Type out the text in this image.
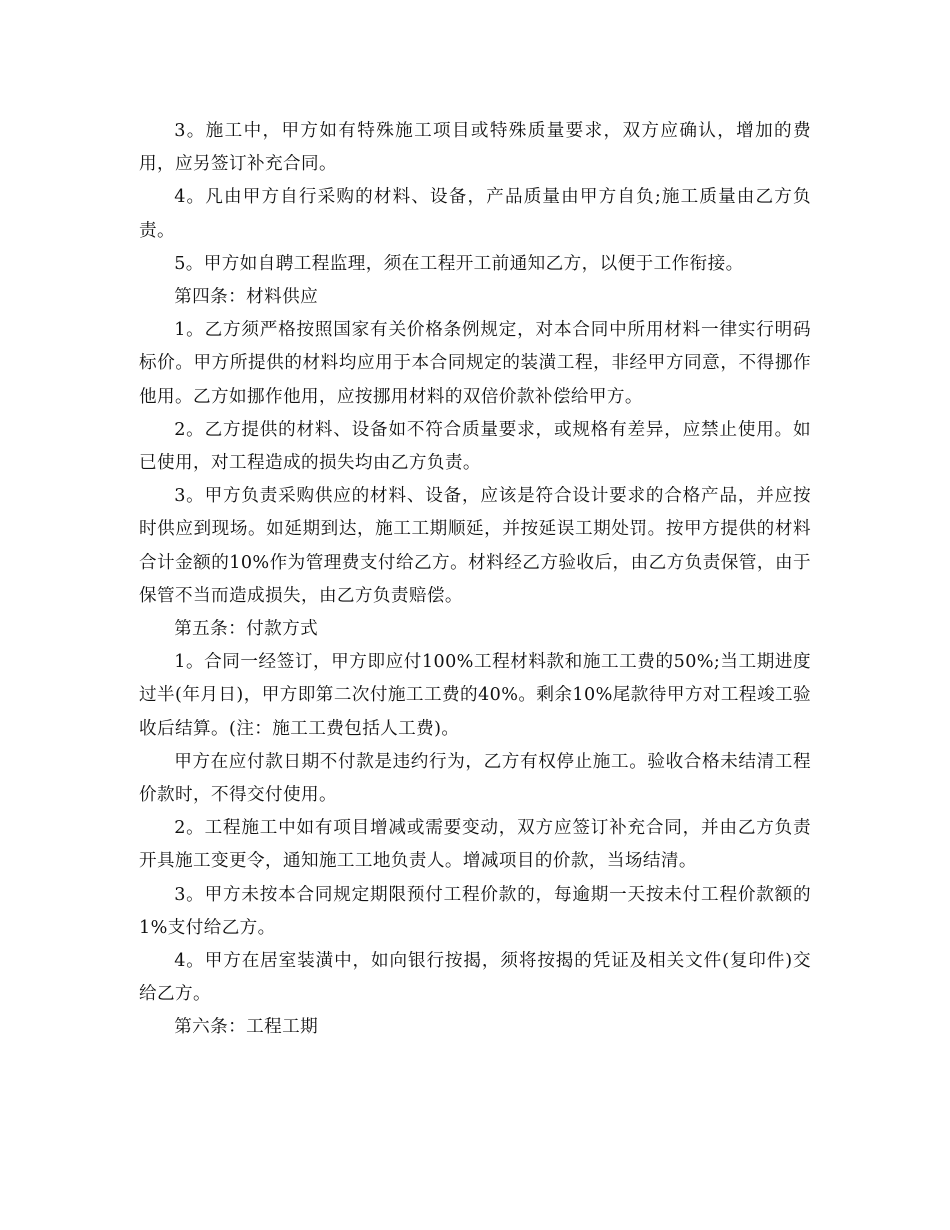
3。施工中，甲方如有特殊施工项目或特殊质量要求，双方应确认，增加的费用，应另签订补充合同。

4。凡由甲方自行采购的材料、设备，产品质量由甲方自负;施工质量由乙方负责。

5。甲方如自聘工程监理，须在工程开工前通知乙方，以便于工作衔接。

第四条：材料供应

1。乙方须严格按照国家有关价格条例规定，对本合同中所用材料一律实行明码标价。甲方所提供的材料均应用于本合同规定的装潢工程，非经甲方同意，不得挪作他用。乙方如挪作他用，应按挪用材料的双倍价款补偿给甲方。

2。乙方提供的材料、设备如不符合质量要求，或规格有差异，应禁止使用。如已使用，对工程造成的损失均由乙方负责。

3。甲方负责采购供应的材料、设备，应该是符合设计要求的合格产品，并应按时供应到现场。如延期到达，施工工期顺延，并按延误工期处罚。按甲方提供的材料合计金额的10%作为管理费支付给乙方。材料经乙方验收后，由乙方负责保管，由于保管不当而造成损失，由乙方负责赔偿。

第五条：付款方式

1。合同一经签订，甲方即应付100%工程材料款和施工工费的50%;当工期进度过半(年月日)，甲方即第二次付施工工费的40%。剩余10%尾款待甲方对工程竣工验收后结算。(注：施工工费包括人工费)。

甲方在应付款日期不付款是违约行为，乙方有权停止施工。验收合格未结清工程价款时，不得交付使用。

2。工程施工中如有项目增减或需要变动，双方应签订补充合同，并由乙方负责开具施工变更令，通知施工工地负责人。增减项目的价款，当场结清。

3。甲方未按本合同规定期限预付工程价款的，每逾期一天按未付工程价款额的1%支付给乙方。

4。甲方在居室装潢中，如向银行按揭，须将按揭的凭证及相关文件(复印件)交给乙方。

第六条：工程工期
